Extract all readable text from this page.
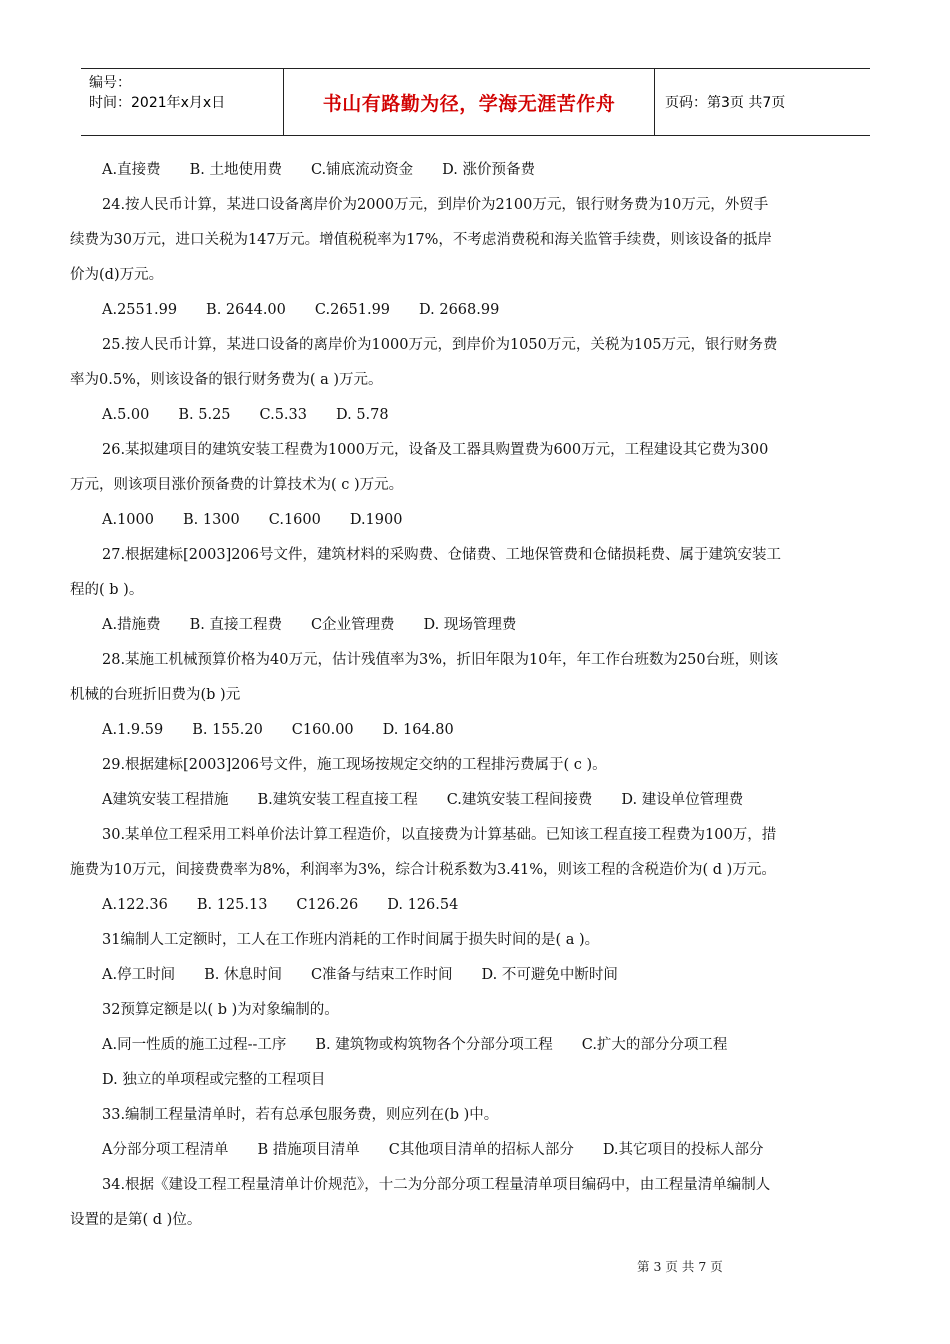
编号：
时间：2021年x月x日	书山有路勤为径，学海无涯苦作舟	页码：第3页 共7页
A.直接费　　B. 土地使用费　　C.铺底流动资金　　D. 涨价预备费
24.按人民币计算，某进口设备离岸价为2000万元，到岸价为2100万元，银行财务费为10万元，外贸手
续费为30万元，进口关税为147万元。增值税税率为17%，不考虑消费税和海关监管手续费，则该设备的抵岸
价为(d)万元。
A.2551.99　　B. 2644.00　　C.2651.99　　D. 2668.99
25.按人民币计算，某进口设备的离岸价为1000万元，到岸价为1050万元，关税为105万元，银行财务费
率为0.5%，则该设备的银行财务费为( a )万元。
A.5.00　　B. 5.25　　C.5.33　　D. 5.78
26.某拟建项目的建筑安装工程费为1000万元，设备及工器具购置费为600万元，工程建设其它费为300
万元，则该项目涨价预备费的计算技术为( c )万元。
A.1000　　B. 1300　　C.1600　　D.1900
27.根据建标[2003]206号文件，建筑材料的采购费、仓储费、工地保管费和仓储损耗费、属于建筑安装工
程的( b )。
A.措施费　　B. 直接工程费　　C企业管理费　　D. 现场管理费
28.某施工机械预算价格为40万元，估计残值率为3%，折旧年限为10年，年工作台班数为250台班，则该
机械的台班折旧费为(b )元
A.1.9.59　　B. 155.20　　C160.00　　D. 164.80
29.根据建标[2003]206号文件，施工现场按规定交纳的工程排污费属于( c )。
A建筑安装工程措施　　B.建筑安装工程直接工程　　C.建筑安装工程间接费　　D. 建设单位管理费
30.某单位工程采用工料单价法计算工程造价，以直接费为计算基础。已知该工程直接工程费为100万，措
施费为10万元，间接费费率为8%，利润率为3%，综合计税系数为3.41%，则该工程的含税造价为( d )万元。
A.122.36　　B. 125.13　　C126.26　　D. 126.54
31编制人工定额时，工人在工作班内消耗的工作时间属于损失时间的是( a )。
A.停工时间　　B. 休息时间　　C准备与结束工作时间　　D. 不可避免中断时间
32预算定额是以( b )为对象编制的。
A.同一性质的施工过程--工序　　B. 建筑物或构筑物各个分部分项工程　　C.扩大的部分分项工程
D. 独立的单项程或完整的工程项目
33.编制工程量清单时，若有总承包服务费，则应列在(b )中。
A分部分项工程清单　　B 措施项目清单　　C其他项目清单的招标人部分　　D.其它项目的投标人部分
34.根据《建设工程工程量清单计价规范》，十二为分部分项工程量清单项目编码中，由工程量清单编制人
设置的是第( d )位。
第 3 页 共 7 页
